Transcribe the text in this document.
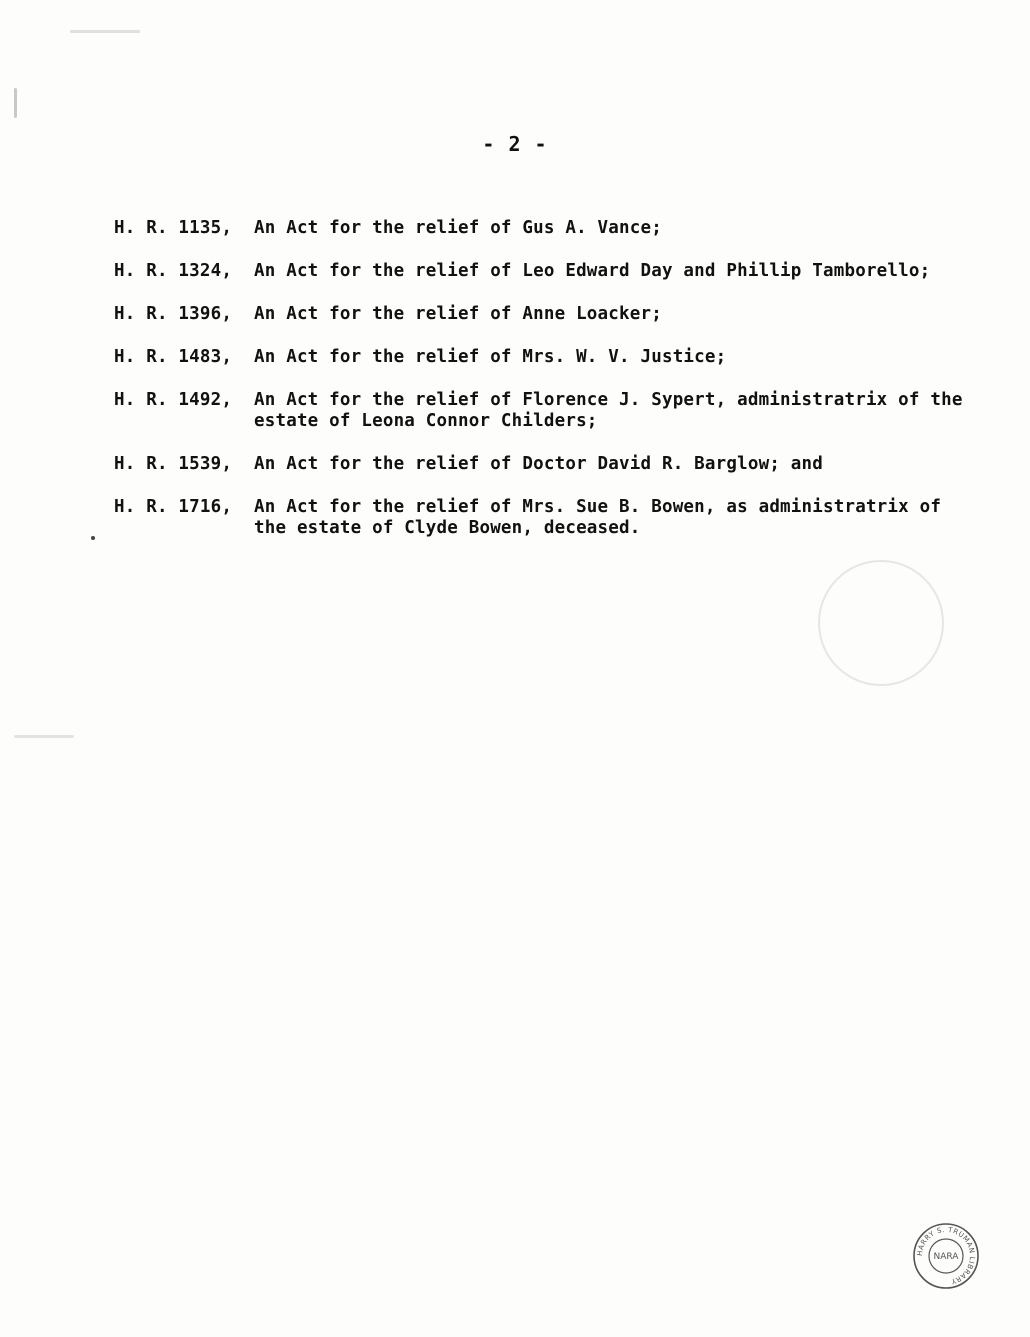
- 2 -
H. R. 1135,	An Act for the relief of Gus A. Vance;
H. R. 1324,	An Act for the relief of Leo Edward Day and Phillip Tamborello;
H. R. 1396,	An Act for the relief of Anne Loacker;
H. R. 1483,	An Act for the relief of Mrs. W. V. Justice;
H. R. 1492,	An Act for the relief of Florence J. Sypert, administratrix of the
estate of Leona Connor Childers;
H. R. 1539,	An Act for the relief of Doctor David R. Barglow; and
H. R. 1716,	An Act for the relief of Mrs. Sue B. Bowen, as administratrix of
the estate of Clyde Bowen, deceased.
HARRY S. TRUMAN LIBRARY
NARA
